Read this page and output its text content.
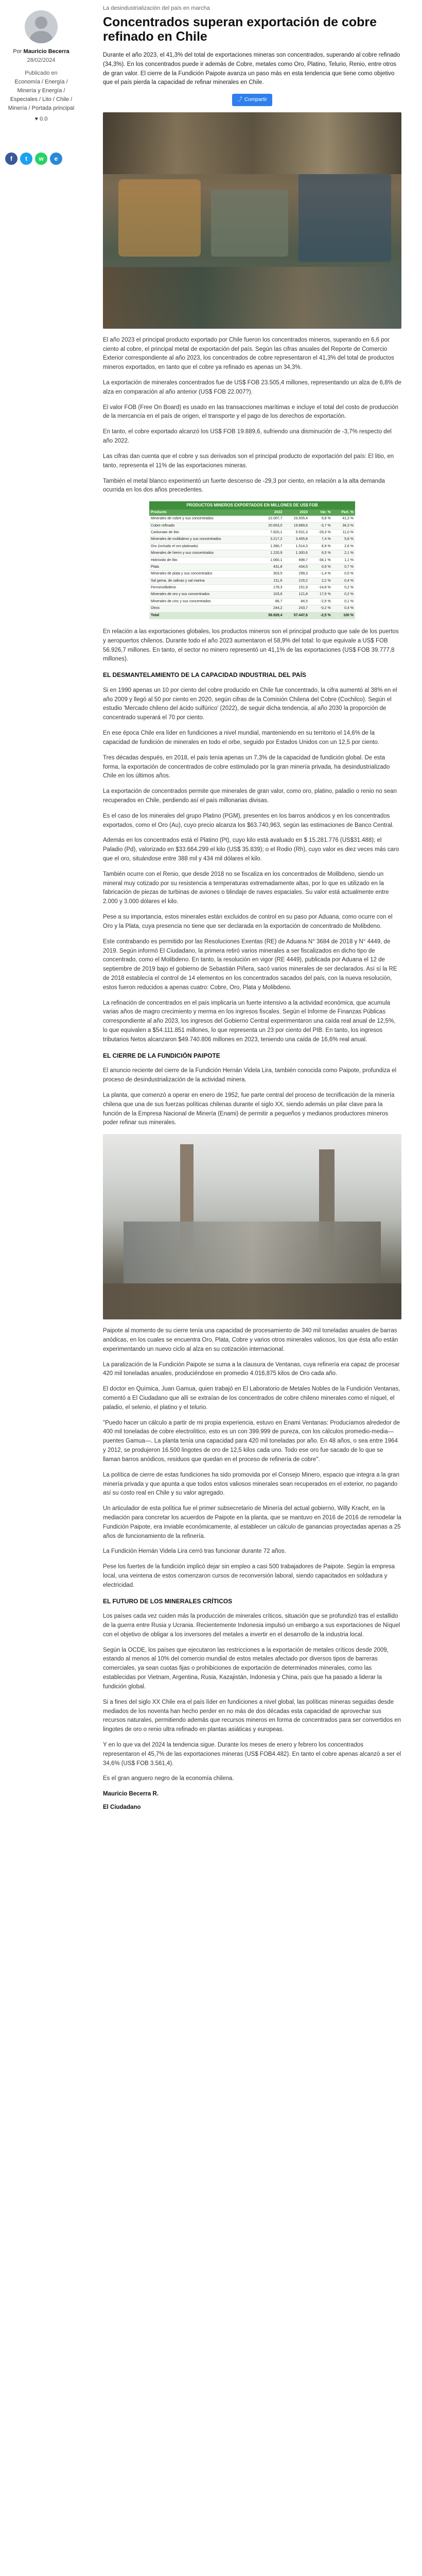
Por Mauricio Becerra
28/02/2024
Publicado en
Economía / Energía / Minería y Energía / Especiales / Lito / Chile / Minería / Portada principal
♥ 0.0
f	t	w	e
La desindustrialización del país en marcha
Concentrados superan exportación de cobre refinado en Chile

Durante el año 2023, el 41,3% del total de exportaciones mineras son concentrados, superando al cobre refinado (34,3%). En los concentrados puede ir además de Cobre, metales como Oro, Platino, Telurio, Renio, entre otros de gran valor. El cierre de la Fundición Paipote avanza un paso más en esta tendencia que tiene como objetivo que el país pierda la capacidad de refinar minerales en Chile.

⤴ Compartir

El año 2023 el principal producto exportado por Chile fueron los concentrados mineros, superando en 6,6 por ciento al cobre, el principal metal de exportación del país. Según las cifras anuales del Reporte de Comercio Exterior correspondiente al año 2023, los concentrados de cobre representaron el 41,3% del total de productos mineros exportados, en tanto que el cobre ya refinado es apenas un 34,3%.

La exportación de minerales concentrados fue de US$ FOB 23.505,4 millones, representando un alza de 6,8% de alza en comparación al año anterior (US$ FOB 22.007?).

El valor FOB (Free On Board) es usado en las transacciones marítimas e incluye el total del costo de producción de la mercancía en el país de origen, el transporte y el pago de los derechos de exportación.

En tanto, el cobre exportado alcanzó los US$ FOB 19.889,6, sufriendo una disminución de -3,7% respecto del año 2022.

Las cifras dan cuenta que el cobre y sus derivados son el principal producto de exportación del país: El litio, en tanto, representa el 11% de las exportaciones mineras.

También el metal blanco experimentó un fuerte descenso de -29,3 por ciento, en relación a la alta demanda ocurrida en los dos años precedentes.

PRODUCTOS MINEROS EXPORTADOS EN MILLONES DE US$ FOB
Producto	2022	2023	Var. %	Part. %
Minerales de cobre y sus concentrados	22.007,7	23.505,4	6,8 %	41,3 %
Cobre refinado	20.653,0	19.889,6	-3,7 %	34,3 %
Carbonato de litio	7.820,1	5.531,3	-29,3 %	11,0 %
Minerales de molibdeno y sus concentrados	3.217,2	3.455,8	7,4 %	5,8 %
Oro (incluido el oro platinado)	1.390,7	1.514,3	8,9 %	2,6 %
Minerales de hierro y sus concentrados	1.220,9	1.300,6	6,5 %	2,1 %
Hidróxido de litio	1.060,1	698,7	-34,1 %	1,1 %
Plata	431,8	434,5	0,6 %	0,7 %
Minerales de plata y sus concentrados	303,5	299,3	-1,4 %	0,5 %
Sal gema, de salinas y sal marina	211,6	216,2	2,2 %	0,4 %
Ferromolibdeno	178,3	151,9	-14,8 %	0,2 %
Minerales de oro y sus concentrados	103,6	121,8	17,6 %	0,2 %
Minerales de cinc y sus concentrados	86,7	84,5	-2,5 %	0,1 %
Otros	244,2	243,7	-0,2 %	0,4 %
Total	58.929,4	57.447,6	-2,5 %	100 %

En relación a las exportaciones globales, los productos mineros son el principal producto que sale de los puertos y aeropuertos chilenos. Durante todo el año 2023 aumentaron el 58,9% del total: lo que equivale a US$ FOB 56.926,7 millones. En tanto, el sector no minero representó un 41,1% de las exportaciones (US$ FOB 39.777,8 millones).

EL DESMANTELAMIENTO DE LA CAPACIDAD INDUSTRIAL DEL PAÍS

Si en 1990 apenas un 10 por ciento del cobre producido en Chile fue concentrado, la cifra aumentó al 38% en el año 2009 y llegó al 50 por ciento en 2020, según cifras de la Comisión Chilena del Cobre (Cochilco). Según el estudio 'Mercado chileno del ácido sulfúrico' (2022), de seguir dicha tendencia, al año 2030 la proporción de concentrado superará el 70 por ciento.

En ese época Chile era líder en fundiciones a nivel mundial, manteniendo en su territorio el 14,6% de la capacidad de fundición de minerales en todo el orbe, seguido por Estados Unidos con un 12,5 por ciento.

Tres décadas después, en 2018, el país tenía apenas un 7,3% de la capacidad de fundición global. De esta forma, la exportación de concentrados de cobre estimulado por la gran minería privada, ha desindustrializado Chile en los últimos años.

La exportación de concentrados permite que minerales de gran valor, como oro, platino, paladio o renio no sean recuperados en Chile, perdiendo así el país millonarias divisas.

Es el caso de los minerales del grupo Platino (PGM), presentes en los barros anódicos y en los concentrados exportados, como el Oro (Au), cuyo precio alcanza los $63.740,963, según las estimaciones de Banco Central.

Además en los concentrados está el Platino (Pt), cuyo kilo está avaluado en $ 15.281.776 (US$31.488); el Paladio (Pd), valorizado en $33.664.299 el kilo (US$ 35.839); o el Rodio (Rh), cuyo valor es diez veces más caro que el oro, situándose entre 388 mil y 434 mil dólares el kilo.

También ocurre con el Renio, que desde 2018 no se fiscaliza en los concentrados de Molibdeno, siendo un mineral muy cotizado por su resistencia a temperaturas extremadamente altas, por lo que es utilizado en la fabricación de piezas de turbinas de aviones o blindaje de naves espaciales. Su valor está actualmente entre 2.000 y 3.000 dólares el kilo.

Pese a su importancia, estos minerales están excluidos de control en su paso por Aduana, como ocurre con el Oro y la Plata, cuya presencia no tiene que ser declarada en la exportación de concentrado de Molibdeno.

Este contrabando es permitido por las Resoluciones Exentas (RE) de Aduana N° 3684 de 2018 y N° 4449, de 2019. Según informó El Ciudadano, la primera retiró varios minerales a ser fiscalizados en dicho tipo de concentrado, como el Molibdeno. En tanto, la resolución en vigor (RE 4449), publicada por Aduana el 12 de septiembre de 2019 bajo el gobierno de Sebastián Piñera, sacó varios minerales de ser declarados. Así sí la RE de 2018 establecía el control de 14 elementos en los concentrados sacados del país, con la nueva resolución, estos fueron reducidos a apenas cuatro: Cobre, Oro, Plata y Molibdeno.

La refinación de concentrados en el país implicaría un fuerte intensivo a la actividad económica, que acumula varias años de magro crecimiento y merma en los ingresos fiscales. Según el Informe de Finanzas Públicas correspondiente al año 2023, los ingresos del Gobierno Central experimentaron una caída real anual de 12,5%, lo que equivalen a $54.111.851 millones, lo que representa un 23 por ciento del PIB. En tanto, los ingresos tributarios Netos alcanzaron $49.740.806 millones en 2023, teniendo una caída de 16,6% real anual.

EL CIERRE DE LA FUNDICIÓN PAIPOTE

El anuncio reciente del cierre de la Fundición Hernán Videla Lira, también conocida como Paipote, profundiza el proceso de desindustrialización de la actividad minera.

La planta, que comenzó a operar en enero de 1952, fue parte central del proceso de tecnificación de la minería chilena que una de sus fuerzas políticas chilenas durante el siglo XX, siendo además un pilar clave para la función de la Empresa Nacional de Minería (Enami) de permitir a pequeños y medianos productores mineros poder refinar sus minerales.

Paipote al momento de su cierre tenía una capacidad de procesamiento de 340 mil toneladas anuales de barras anódicas, en los cuales se encuentra Oro, Plata, Cobre y varios otros minerales valiosos, los que ésta año están experimentando un nuevo ciclo al alza en su cotización internacional.

La paralización de la Fundición Paipote se suma a la clausura de Ventanas, cuya refinería era capaz de procesar 420 mil toneladas anuales, produciéndose en promedio 4.016,875 kilos de Oro cada año.

El doctor en Química, Juan Gamua, quien trabajó en El Laboratorio de Metales Nobles de la Fundición Ventanas, comentó a El Ciudadano que allí se extraían de los concentrados de cobre chileno minerales como el níquel, el paladio, el selenio, el platino y el telurio.

"Puedo hacer un cálculo a partir de mi propia experiencia, estuvo en Enami Ventanas: Producíamos alrededor de 400 mil toneladas de cobre electrolítico, esto es un con 399.999 de pureza, con los cálculos promedio-media—puentes Gamua—. La planta tenía una capacidad para 420 mil toneladas por año. En 48 años, o sea entre 1964 y 2012, se produjeron 16.500 lingotes de oro de 12,5 kilos cada uno. Todo ese oro fue sacado de lo que se llaman barros anódicos, residuos que quedan en el proceso de refinería de cobre".

La política de cierre de estas fundiciones ha sido promovida por el Consejo Minero, espacio que integra a la gran minería privada y que apunta a que todos estos valiosos minerales sean recuperados en el exterior, no pagando así su costo real en Chile y su valor agregado.

Un articulador de esta política fue el primer subsecretario de Minería del actual gobierno, Willy Kracht, en la mediación para concretar los acuerdos de Paipote en la planta, que se mantuvo en 2016 de 2016 de remodelar la Fundición Paipote, era inviable económicamente, al establecer un cálculo de ganancias proyectadas apenas a 25 años de funcionamiento de la refinería.

La Fundición Hernán Videla Lira cerró tras funcionar durante 72 años.

Pese los fuertes de la fundición implicó dejar sin empleo a casi 500 trabajadores de Paipote. Según la empresa local, una veintena de estos comenzaron cursos de reconversión laboral, siendo capacitados en soldadura y electricidad.

EL FUTURO DE LOS MINERALES CRÍTICOS

Los países cada vez cuiden más la producción de minerales críticos, situación que se profundizó tras el estallido de la guerra entre Rusia y Ucrania. Recientemente Indonesia impulsó un embargo a sus exportaciones de Níquel con el objetivo de obligar a los inversores del metales a invertir en el desarrollo de la industria local.

Según la OCDE, los países que ejecutaron las restricciones a la exportación de metales críticos desde 2009, estando al menos al 10% del comercio mundial de estos metales afectado por diversos tipos de barreras comerciales, ya sean cuotas fijas o prohibiciones de exportación de determinados minerales, como las establecidas por Vietnam, Argentina, Rusia, Kazajistán, Indonesia y China, país que ha pasado a liderar la fundición global.

Si a fines del siglo XX Chile era el país líder en fundiciones a nivel global, las políticas mineras seguidas desde mediados de los noventa han hecho perder en no más de dos décadas esta capacidad de aprovechar sus recursos naturales, permitiendo además que recursos mineros en forma de concentrados para ser convertidos en lingotes de oro o renio ultra refinado en plantas asiáticas y europeas.

Y en lo que va del 2024 la tendencia sigue. Durante los meses de enero y febrero los concentrados representaron el 45,7% de las exportaciones mineras (US$ FOB4.482). En tanto el cobre apenas alcanzó a ser el 34,6% (US$ FOB 3.561,4).

Es el gran anguero negro de la economía chilena.

Mauricio Becerra R.
El Ciudadano
